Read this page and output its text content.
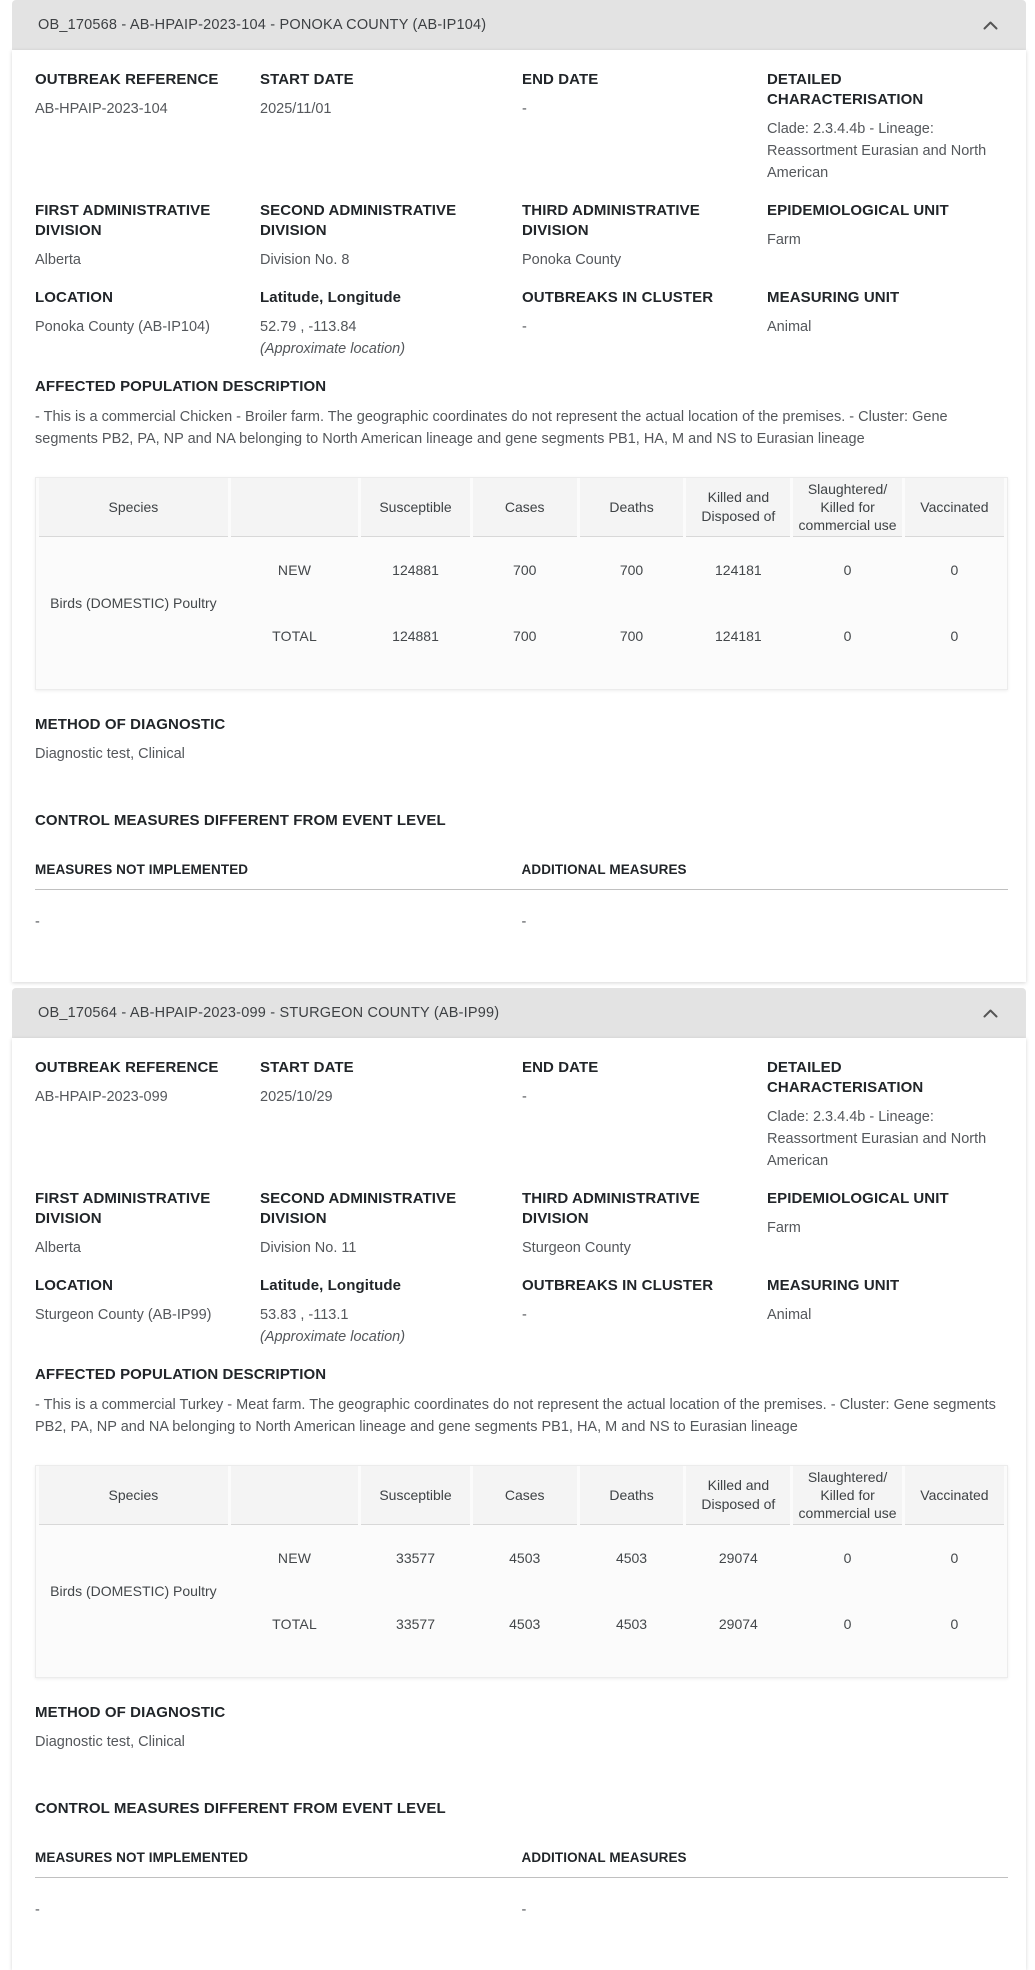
OB_170568 - AB-HPAIP-2023-104 - PONOKA COUNTY (AB-IP104)
OUTBREAK REFERENCE
AB-HPAIP-2023-104
START DATE
2025/11/01
END DATE
-
DETAILED CHARACTERISATION
Clade: 2.3.4.4b - Lineage: Reassortment Eurasian and North American
FIRST ADMINISTRATIVE DIVISION
Alberta
SECOND ADMINISTRATIVE DIVISION
Division No. 8
THIRD ADMINISTRATIVE DIVISION
Ponoka County
EPIDEMIOLOGICAL UNIT
Farm
LOCATION
Ponoka County (AB-IP104)
Latitude, Longitude
52.79 , -113.84
(Approximate location)
OUTBREAKS IN CLUSTER
-
MEASURING UNIT
Animal
AFFECTED POPULATION DESCRIPTION
- This is a commercial Chicken - Broiler farm. The geographic coordinates do not represent the actual location of the premises. - Cluster: Gene segments PB2, PA, NP and NA belonging to North American lineage and gene segments PB1, HA, M and NS to Eurasian lineage
Species		Susceptible	Cases	Deaths	Killed and Disposed of	Slaughtered/ Killed for commercial use	Vaccinated
Birds (DOMESTIC) Poultry	NEW	124881	700	700	124181	0	0
	TOTAL	124881	700	700	124181	0	0
METHOD OF DIAGNOSTIC
Diagnostic test, Clinical
CONTROL MEASURES DIFFERENT FROM EVENT LEVEL
MEASURES NOT IMPLEMENTED	ADDITIONAL MEASURES
-	-
OB_170564 - AB-HPAIP-2023-099 - STURGEON COUNTY (AB-IP99)
OUTBREAK REFERENCE
AB-HPAIP-2023-099
START DATE
2025/10/29
END DATE
-
DETAILED CHARACTERISATION
Clade: 2.3.4.4b - Lineage: Reassortment Eurasian and North American
FIRST ADMINISTRATIVE DIVISION
Alberta
SECOND ADMINISTRATIVE DIVISION
Division No. 11
THIRD ADMINISTRATIVE DIVISION
Sturgeon County
EPIDEMIOLOGICAL UNIT
Farm
LOCATION
Sturgeon County (AB-IP99)
Latitude, Longitude
53.83 , -113.1
(Approximate location)
OUTBREAKS IN CLUSTER
-
MEASURING UNIT
Animal
AFFECTED POPULATION DESCRIPTION
- This is a commercial Turkey - Meat farm. The geographic coordinates do not represent the actual location of the premises. - Cluster: Gene segments PB2, PA, NP and NA belonging to North American lineage and gene segments PB1, HA, M and NS to Eurasian lineage
Species		Susceptible	Cases	Deaths	Killed and Disposed of	Slaughtered/ Killed for commercial use	Vaccinated
Birds (DOMESTIC) Poultry	NEW	33577	4503	4503	29074	0	0
	TOTAL	33577	4503	4503	29074	0	0
METHOD OF DIAGNOSTIC
Diagnostic test, Clinical
CONTROL MEASURES DIFFERENT FROM EVENT LEVEL
MEASURES NOT IMPLEMENTED	ADDITIONAL MEASURES
-	-
